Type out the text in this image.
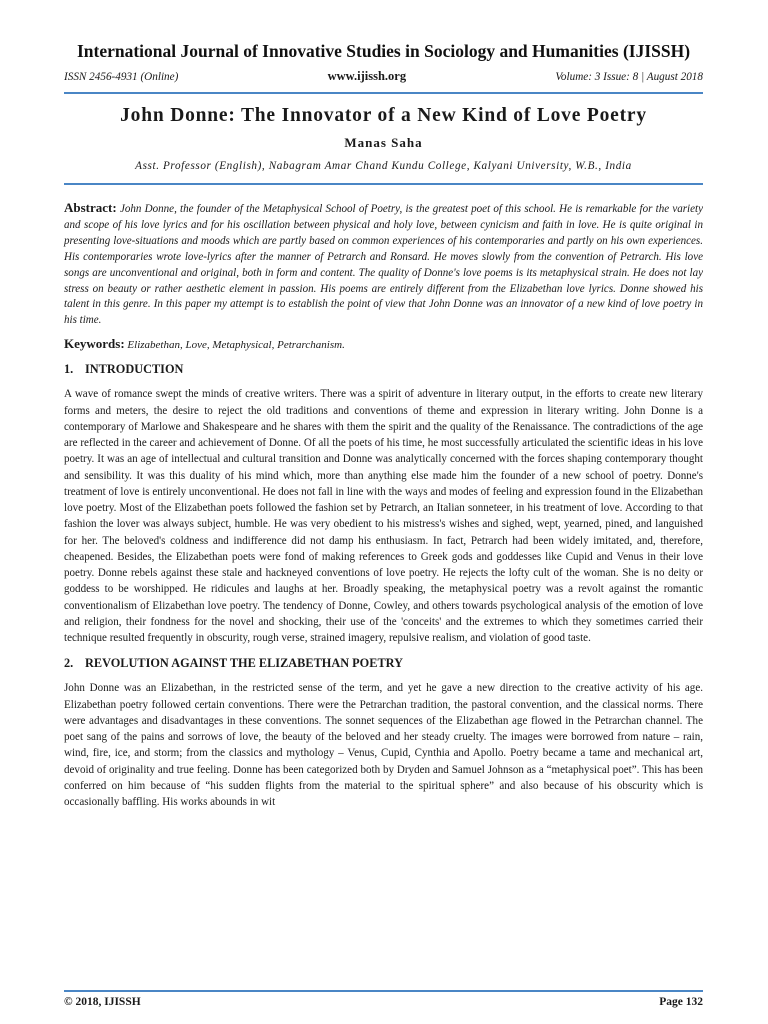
International Journal of Innovative Studies in Sociology and Humanities (IJISSH)
ISSN 2456-4931 (Online)	www.ijissh.org	Volume: 3 Issue: 8 | August 2018
John Donne: The Innovator of a New Kind of Love Poetry
Manas Saha
Asst. Professor (English), Nabagram Amar Chand Kundu College, Kalyani University, W.B., India

Abstract: John Donne, the founder of the Metaphysical School of Poetry, is the greatest poet of this school. He is remarkable for the variety and scope of his love lyrics and for his oscillation between physical and holy love, between cynicism and faith in love. He is quite original in presenting love-situations and moods which are partly based on common experiences of his contemporaries and partly on his own experiences. His contemporaries wrote love-lyrics after the manner of Petrarch and Ronsard. He moves slowly from the convention of Petrarch. His love songs are unconventional and original, both in form and content. The quality of Donne's love poems is its metaphysical strain. He does not lay stress on beauty or rather aesthetic element in passion. His poems are entirely different from the Elizabethan love lyrics. Donne showed his talent in this genre. In this paper my attempt is to establish the point of view that John Donne was an innovator of a new kind of love poetry in his time.

Keywords: Elizabethan, Love, Metaphysical, Petrarchanism.
1. INTRODUCTION

A wave of romance swept the minds of creative writers. There was a spirit of adventure in literary output, in the efforts to create new literary forms and meters, the desire to reject the old traditions and conventions of theme and expression in literary writing. John Donne is a contemporary of Marlowe and Shakespeare and he shares with them the spirit and the quality of the Renaissance. The contradictions of the age are reflected in the career and achievement of Donne. Of all the poets of his time, he most successfully articulated the scientific ideas in his love poetry. It was an age of intellectual and cultural transition and Donne was analytically concerned with the forces shaping contemporary thought and sensibility. It was this duality of his mind which, more than anything else made him the founder of a new school of poetry. Donne's treatment of love is entirely unconventional. He does not fall in line with the ways and modes of feeling and expression found in the Elizabethan love poetry. Most of the Elizabethan poets followed the fashion set by Petrarch, an Italian sonneteer, in his treatment of love. According to that fashion the lover was always subject, humble. He was very obedient to his mistress's wishes and sighed, wept, yearned, pined, and languished for her. The beloved's coldness and indifference did not damp his enthusiasm. In fact, Petrarch had been widely imitated, and, therefore, cheapened. Besides, the Elizabethan poets were fond of making references to Greek gods and goddesses like Cupid and Venus in their love poetry. Donne rebels against these stale and hackneyed conventions of love poetry. He rejects the lofty cult of the woman. She is no deity or goddess to be worshipped. He ridicules and laughs at her. Broadly speaking, the metaphysical poetry was a revolt against the romantic conventionalism of Elizabethan love poetry. The tendency of Donne, Cowley, and others towards psychological analysis of the emotion of love and religion, their fondness for the novel and shocking, their use of the 'conceits' and the extremes to which they sometimes carried their technique resulted frequently in obscurity, rough verse, strained imagery, repulsive realism, and violation of good taste.

2. REVOLUTION AGAINST THE ELIZABETHAN POETRY

John Donne was an Elizabethan, in the restricted sense of the term, and yet he gave a new direction to the creative activity of his age. Elizabethan poetry followed certain conventions. There were the Petrarchan tradition, the pastoral convention, and the classical norms. There were advantages and disadvantages in these conventions. The sonnet sequences of the Elizabethan age flowed in the Petrarchan channel. The poet sang of the pains and sorrows of love, the beauty of the beloved and her steady cruelty. The images were borrowed from nature – rain, wind, fire, ice, and storm; from the classics and mythology – Venus, Cupid, Cynthia and Apollo. Poetry became a tame and mechanical art, devoid of originality and true feeling. Donne has been categorized both by Dryden and Samuel Johnson as a “metaphysical poet”. This has been conferred on him because of “his sudden flights from the material to the spiritual sphere” and also because of his obscurity which is occasionally baffling. His works abounds in wit

© 2018, IJISSH	Page 132
